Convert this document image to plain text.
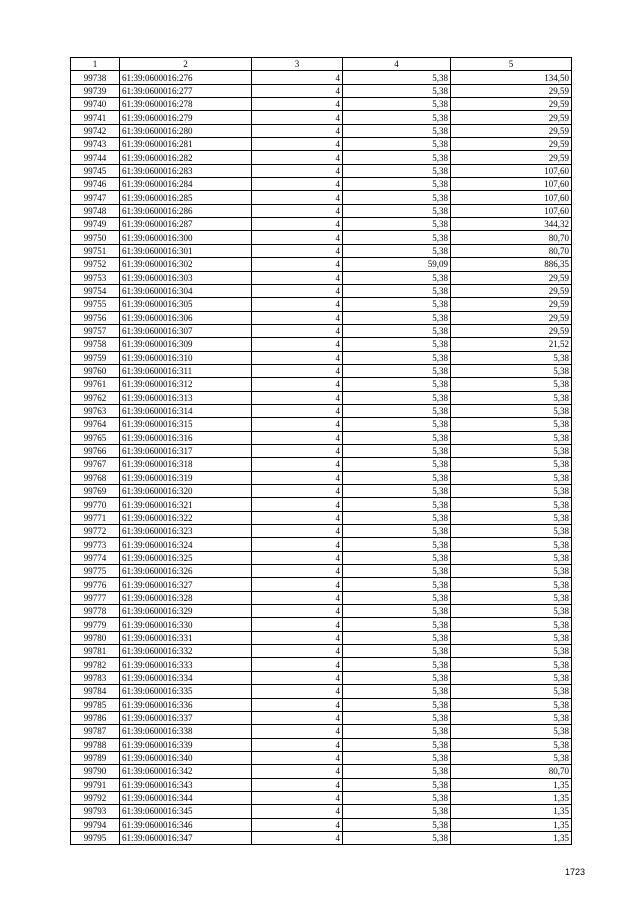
1	2	3	4	5
99738	61:39:0600016:276	4	5,38	134,50
99739	61:39:0600016:277	4	5,38	29,59
99740	61:39:0600016:278	4	5,38	29,59
99741	61:39:0600016:279	4	5,38	29,59
99742	61:39:0600016:280	4	5,38	29,59
99743	61:39:0600016:281	4	5,38	29,59
99744	61:39:0600016:282	4	5,38	29,59
99745	61:39:0600016:283	4	5,38	107,60
99746	61:39:0600016:284	4	5,38	107,60
99747	61:39:0600016:285	4	5,38	107,60
99748	61:39:0600016:286	4	5,38	107,60
99749	61:39:0600016:287	4	5,38	344,32
99750	61:39:0600016:300	4	5,38	80,70
99751	61:39:0600016:301	4	5,38	80,70
99752	61:39:0600016:302	4	59,09	886,35
99753	61:39:0600016:303	4	5,38	29,59
99754	61:39:0600016:304	4	5,38	29,59
99755	61:39:0600016:305	4	5,38	29,59
99756	61:39:0600016:306	4	5,38	29,59
99757	61:39:0600016:307	4	5,38	29,59
99758	61:39:0600016:309	4	5,38	21,52
99759	61:39:0600016:310	4	5,38	5,38
99760	61:39:0600016:311	4	5,38	5,38
99761	61:39:0600016:312	4	5,38	5,38
99762	61:39:0600016:313	4	5,38	5,38
99763	61:39:0600016:314	4	5,38	5,38
99764	61:39:0600016:315	4	5,38	5,38
99765	61:39:0600016:316	4	5,38	5,38
99766	61:39:0600016:317	4	5,38	5,38
99767	61:39:0600016:318	4	5,38	5,38
99768	61:39:0600016:319	4	5,38	5,38
99769	61:39:0600016:320	4	5,38	5,38
99770	61:39:0600016:321	4	5,38	5,38
99771	61:39:0600016:322	4	5,38	5,38
99772	61:39:0600016:323	4	5,38	5,38
99773	61:39:0600016:324	4	5,38	5,38
99774	61:39:0600016:325	4	5,38	5,38
99775	61:39:0600016:326	4	5,38	5,38
99776	61:39:0600016:327	4	5,38	5,38
99777	61:39:0600016:328	4	5,38	5,38
99778	61:39:0600016:329	4	5,38	5,38
99779	61:39:0600016:330	4	5,38	5,38
99780	61:39:0600016:331	4	5,38	5,38
99781	61:39:0600016:332	4	5,38	5,38
99782	61:39:0600016:333	4	5,38	5,38
99783	61:39:0600016:334	4	5,38	5,38
99784	61:39:0600016:335	4	5,38	5,38
99785	61:39:0600016:336	4	5,38	5,38
99786	61:39:0600016:337	4	5,38	5,38
99787	61:39:0600016:338	4	5,38	5,38
99788	61:39:0600016:339	4	5,38	5,38
99789	61:39:0600016:340	4	5,38	5,38
99790	61:39:0600016:342	4	5,38	80,70
99791	61:39:0600016:343	4	5,38	1,35
99792	61:39:0600016:344	4	5,38	1,35
99793	61:39:0600016:345	4	5,38	1,35
99794	61:39:0600016:346	4	5,38	1,35
99795	61:39:0600016:347	4	5,38	1,35
1723
